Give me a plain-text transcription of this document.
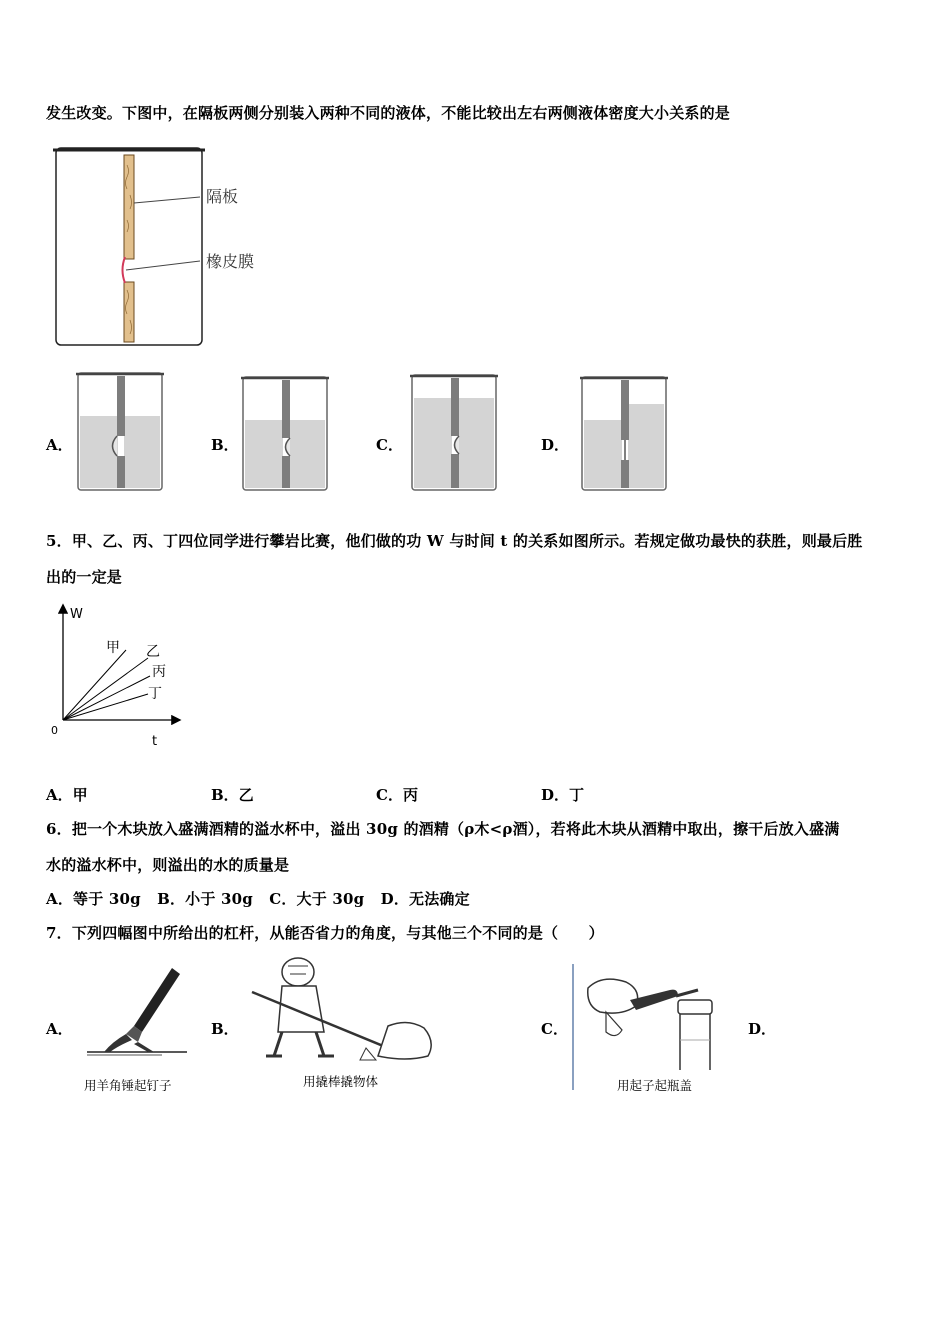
发生改变。下图中，在隔板两侧分别装入两种不同的液体，不能比较出左右两侧液体密度大小关系的是
隔板
橡皮膜
A．	B．	C．	D．
5．甲、乙、丙、丁四位同学进行攀岩比赛，他们做的功 W 与时间 t 的关系如图所示。若规定做功最快的获胜，则最后胜
出的一定是
W
t
0
甲 乙
丙
丁
A．甲	B．乙	C．丙	D．丁
6．把一个木块放入盛满酒精的溢水杯中，溢出 30g 的酒精（ρ木<ρ酒），若将此木块从酒精中取出，擦干后放入盛满
水的溢水杯中，则溢出的水的质量是
A．等于 30g   B．小于 30g   C．大于 30g   D．无法确定
7．下列四幅图中所给出的杠杆，从能否省力的角度，与其他三个不同的是（　　）
A．	B．	C．	D．
用羊角锤起钉子	用撬棒撬物体	用起子起瓶盖
